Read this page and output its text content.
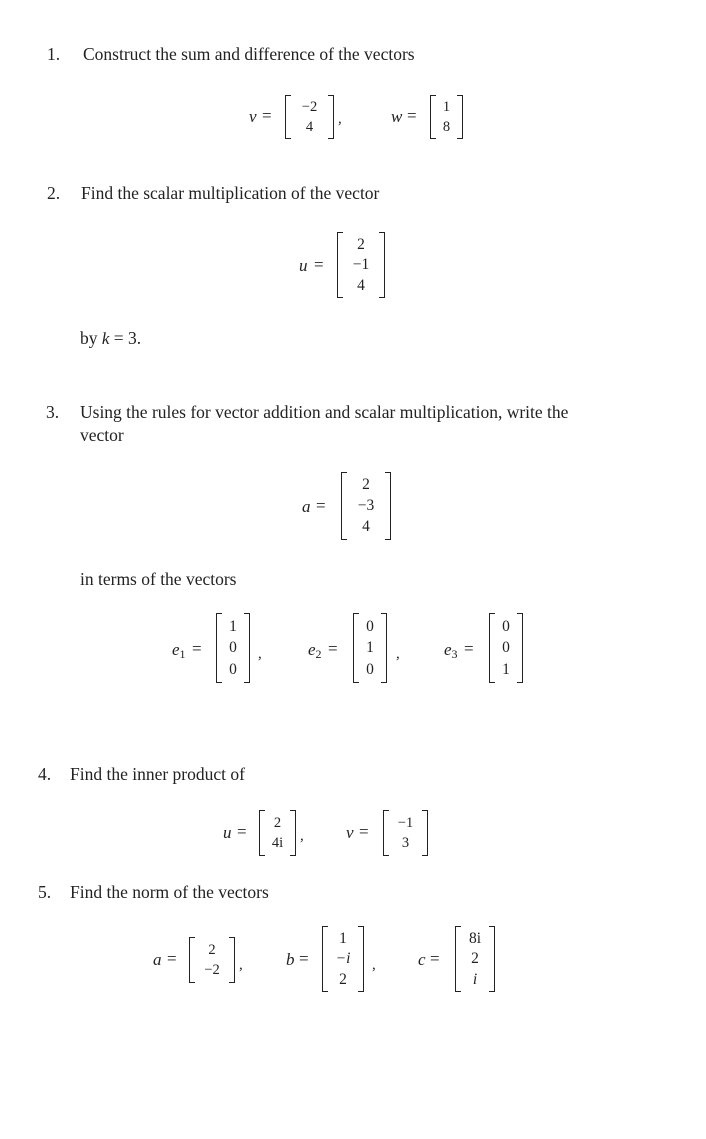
1. Construct the sum and difference of the vectors
v = −2
4 ,	w = 1
8
2. Find the scalar multiplication of the vector
u =
2
−1
4
by k = 3.
3. Using the rules for vector addition and scalar multiplication, write the
vector
a =
2
−3
4
in terms of the vectors
$e_1$ =
1
0
0
,	$e_2$ =
0
1
0
,	$e_3$ =
0
0
1
4. Find the inner product of
u = 2
4i , v = −1
3
5. Find the norm of the vectors
a = 2
−2 ,	b =
1
−i
2
, c =
8i
2
i
